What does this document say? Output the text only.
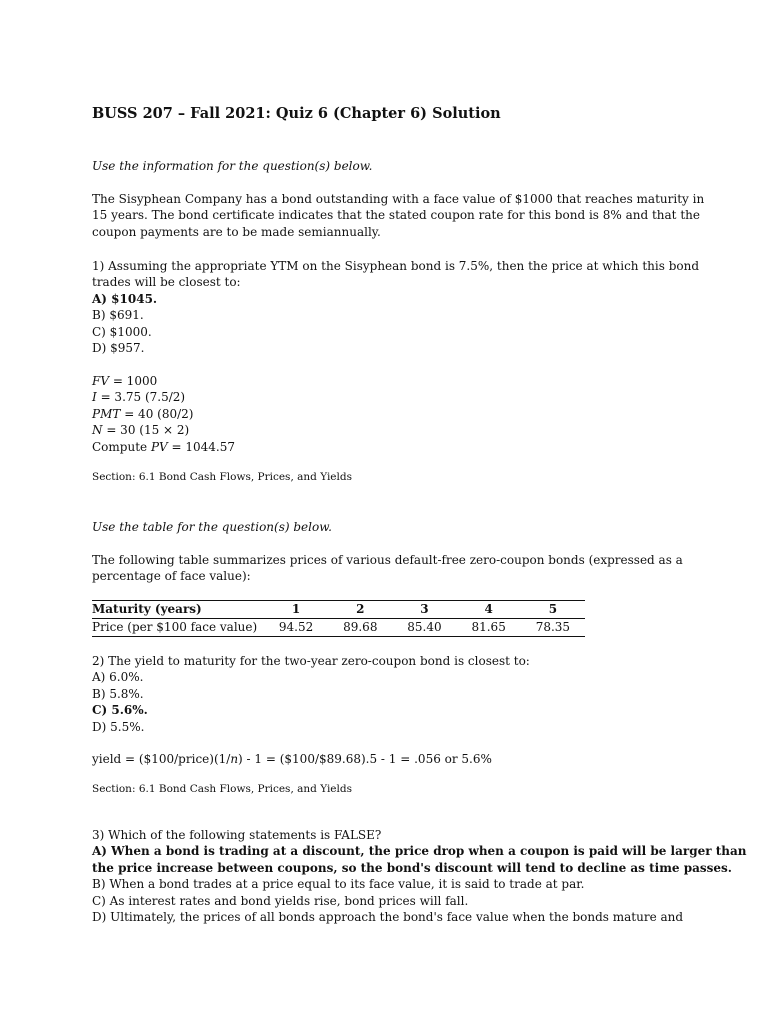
BUSS 207 – Fall 2021: Quiz 6 (Chapter 6) Solution
Use the information for the question(s) below.
The Sisyphean Company has a bond outstanding with a face value of $1000 that reaches maturity in
15 years. The bond certificate indicates that the stated coupon rate for this bond is 8% and that the
coupon payments are to be made semiannually.
1) Assuming the appropriate YTM on the Sisyphean bond is 7.5%, then the price at which this bond
trades will be closest to:
A) $1045.
B) $691.
C) $1000.
D) $957.
FV = 1000
I = 3.75 (7.5/2)
PMT = 40 (80/2)
N = 30 (15 × 2)
Compute PV = 1044.57
Section: 6.1 Bond Cash Flows, Prices, and Yields
Use the table for the question(s) below.
The following table summarizes prices of various default-free zero-coupon bonds (expressed as a
percentage of face value):
Maturity (years)	1	2	3	4	5
Price (per $100 face value)	94.52	89.68	85.40	81.65	78.35
2) The yield to maturity for the two-year zero-coupon bond is closest to:
A) 6.0%.
B) 5.8%.
C) 5.6%.
D) 5.5%.
yield = ($100/price)(1/n) - 1 = ($100/$89.68).5 - 1 = .056 or 5.6%
Section: 6.1 Bond Cash Flows, Prices, and Yields
3) Which of the following statements is FALSE?
A) When a bond is trading at a discount, the price drop when a coupon is paid will be larger than
the price increase between coupons, so the bond's discount will tend to decline as time passes.
B) When a bond trades at a price equal to its face value, it is said to trade at par.
C) As interest rates and bond yields rise, bond prices will fall.
D) Ultimately, the prices of all bonds approach the bond's face value when the bonds mature and
